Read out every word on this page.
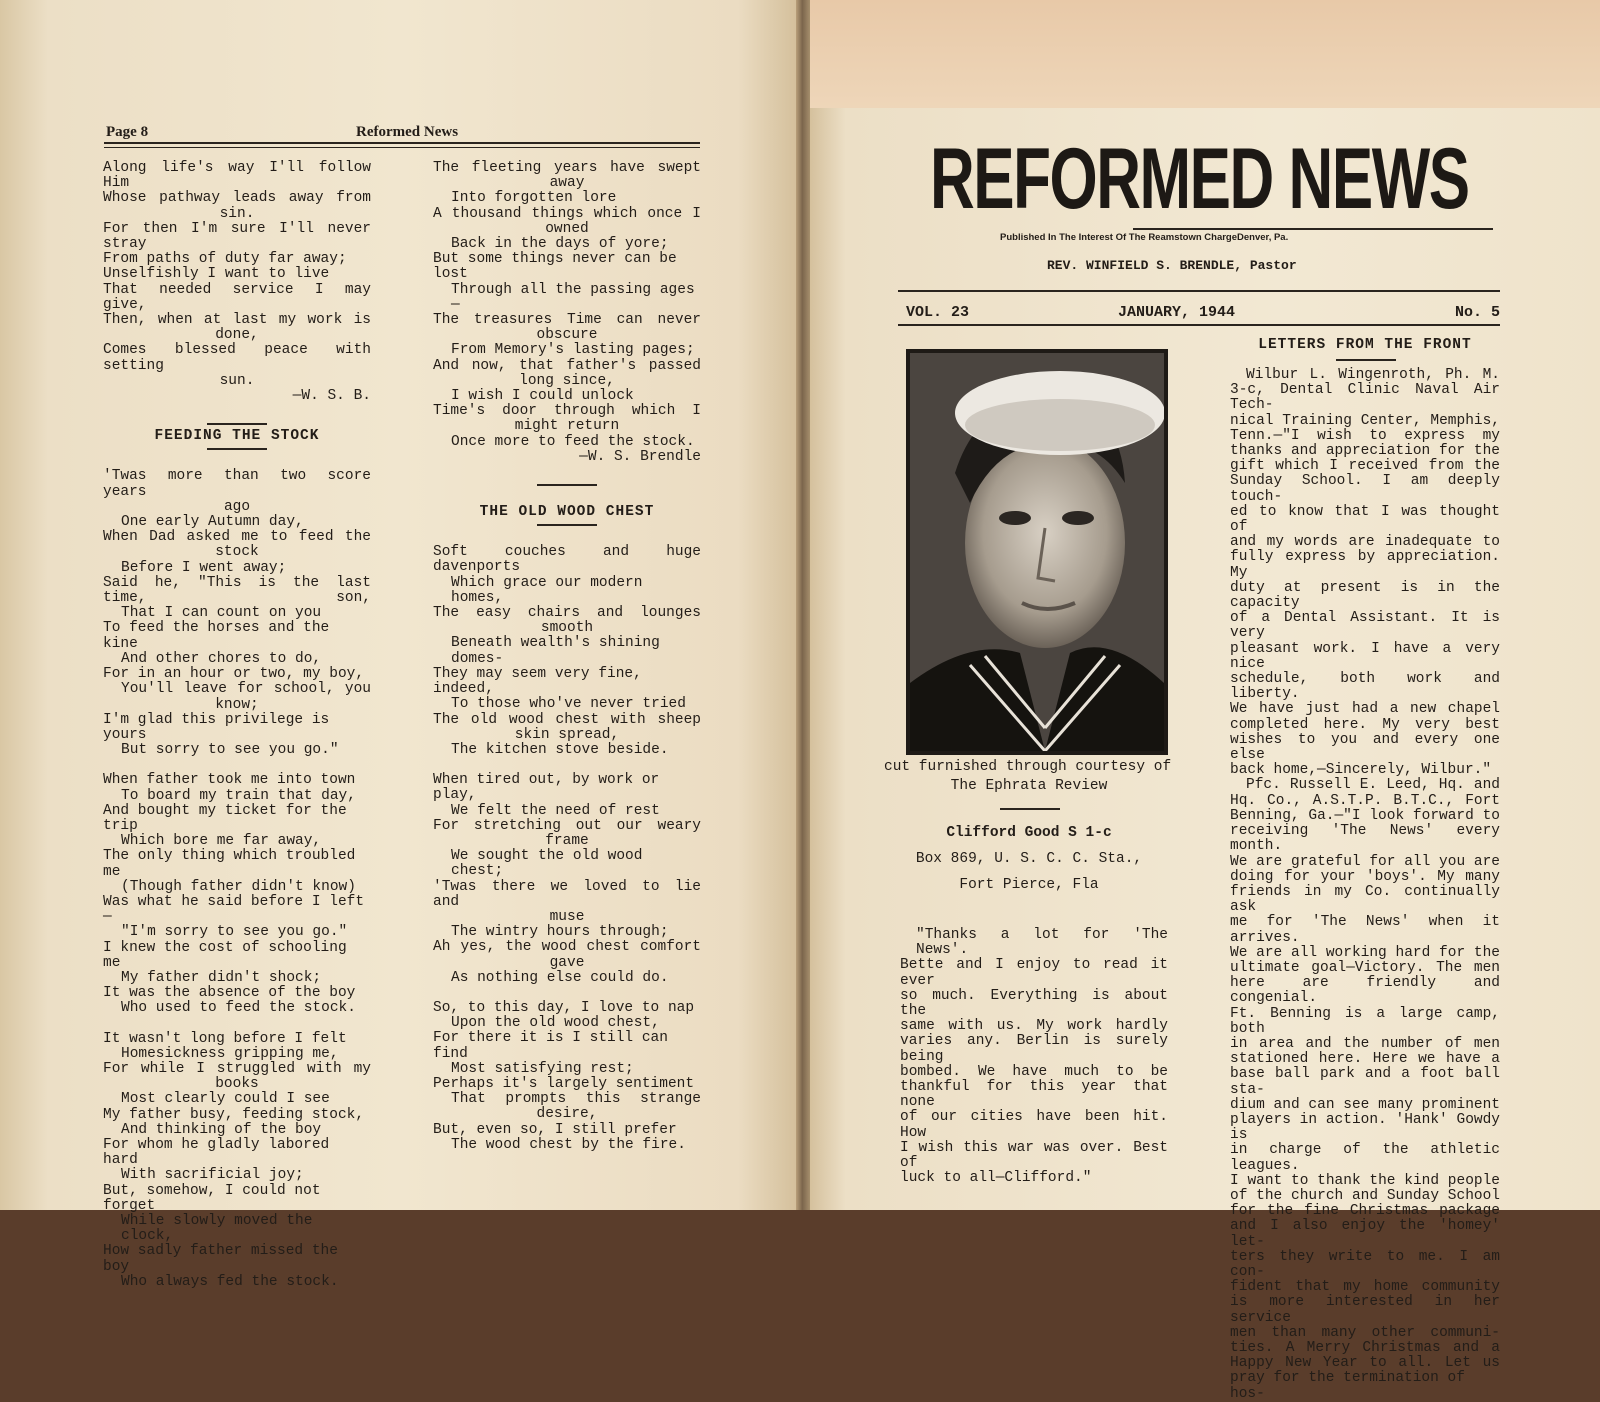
Page 8	Reformed News

Along life's way I'll follow Him

Whose pathway leads away from

sin.

For then I'm sure I'll never stray

From paths of duty far away;

Unselfishly I want to live

That needed service I may give,

Then, when at last my work is

done,

Comes blessed peace with setting

sun.

—W. S. B.

FEEDING THE STOCK

'Twas more than two score years

ago

One early Autumn day,

When Dad asked me to feed the

stock

Before I went away;

Said he, "This is the last time, son,

That I can count on you

To feed the horses and the kine

And other chores to do,

For in an hour or two, my boy,

You'll leave for school, you

know;

I'm glad this privilege is yours

But sorry to see you go."

When father took me into town

To board my train that day,

And bought my ticket for the trip

Which bore me far away,

The only thing which troubled me

(Though father didn't know)

Was what he said before I left—

"I'm sorry to see you go."

I knew the cost of schooling me

My father didn't shock;

It was the absence of the boy

Who used to feed the stock.

It wasn't long before I felt

Homesickness gripping me,

For while I struggled with my

books

Most clearly could I see

My father busy, feeding stock,

And thinking of the boy

For whom he gladly labored hard

With sacrificial joy;

But, somehow, I could not forget

While slowly moved the clock,

How sadly father missed the boy

Who always fed the stock.

The fleeting years have swept

away

Into forgotten lore

A thousand things which once I

owned

Back in the days of yore;

But some things never can be lost

Through all the passing ages—

The treasures Time can never

obscure

From Memory's lasting pages;

And now, that father's passed

long since,

I wish I could unlock

Time's door through which I

might return

Once more to feed the stock.

—W. S. Brendle

THE OLD WOOD CHEST

Soft couches and huge davenports

Which grace our modern homes,

The easy chairs and lounges

smooth

Beneath wealth's shining domes-

They may seem very fine, indeed,

To those who've never tried

The old wood chest with sheep

skin spread,

The kitchen stove beside.

When tired out, by work or play,

We felt the need of rest

For stretching out our weary

frame

We sought the old wood chest;

'Twas there we loved to lie and

muse

The wintry hours through;

Ah yes, the wood chest comfort

gave

As nothing else could do.

So, to this day, I love to nap

Upon the old wood chest,

For there it is I still can find

Most satisfying rest;

Perhaps it's largely sentiment

That prompts this strange

desire,

But, even so, I still prefer

The wood chest by the fire.

REFORMED NEWS
Published In The Interest Of The Reamstown ChargeDenver, Pa.
REV. WINFIELD S. BRENDLE, Pastor
VOL. 23	JANUARY, 1944	No. 5

cut furnished through courtesy of

The Ephrata Review

Clifford Good S 1-c

Box 869, U. S. C. C. Sta.,

Fort Pierce, Fla

"Thanks a lot for 'The News'.

Bette and I enjoy to read it ever

so much. Everything is about the

same with us. My work hardly

varies any. Berlin is surely being

bombed. We have much to be

thankful for this year that none

of our cities have been hit. How

I wish this war was over. Best of

luck to all—Clifford."

LETTERS FROM THE FRONT

Wilbur L. Wingenroth, Ph. M.

3-c, Dental Clinic Naval Air Tech-

nical Training Center, Memphis,

Tenn.—"I wish to express my

thanks and appreciation for the

gift which I received from the

Sunday School. I am deeply touch-

ed to know that I was thought of

and my words are inadequate to

fully express by appreciation. My

duty at present is in the capacity

of a Dental Assistant. It is very

pleasant work. I have a very nice

schedule, both work and liberty.

We have just had a new chapel

completed here. My very best

wishes to you and every one else

back home,—Sincerely, Wilbur."

Pfc. Russell E. Leed, Hq. and

Hq. Co., A.S.T.P. B.T.C., Fort

Benning, Ga.—"I look forward to

receiving 'The News' every month.

We are grateful for all you are

doing for your 'boys'. My many

friends in my Co. continually ask

me for 'The News' when it arrives.

We are all working hard for the

ultimate goal—Victory. The men

here are friendly and congenial.

Ft. Benning is a large camp, both

in area and the number of men

stationed here. Here we have a

base ball park and a foot ball sta-

dium and can see many prominent

players in action. 'Hank' Gowdy is

in charge of the athletic leagues.

I want to thank the kind people

of the church and Sunday School

for the fine Christmas package

and I also enjoy the 'homey' let-

ters they write to me. I am con-

fident that my home community

is more interested in her service

men than many other communi-

ties. A Merry Christmas and a

Happy New Year to all. Let us

pray for the termination of hos-
